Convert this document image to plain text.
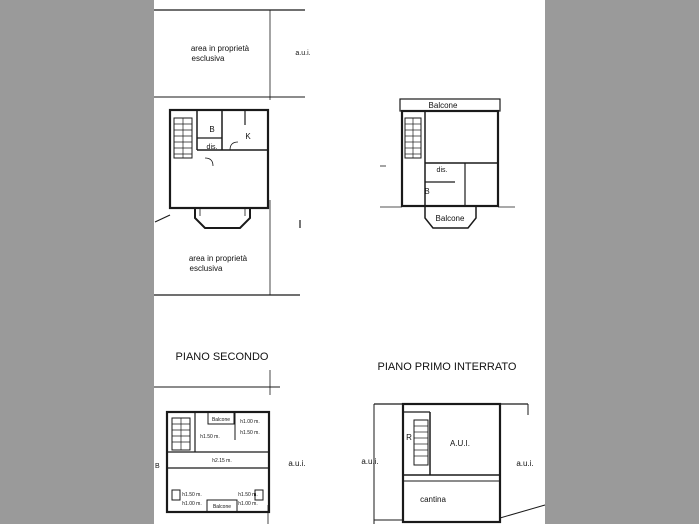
area in proprietà
esclusiva
a.u.i.
B
K
dis.
area in proprietà
esclusiva
Balcone
dis.
B
Balcone
PIANO SECONDO
a.u.i.
B
Balcone
Balcone
h1.50 m.
h1.00 m.
h1.50 m.
h2.15 m.
h1.50 m.
h1.00 m.
h1.50 m.
h1.00 m.
PIANO PRIMO INTERRATO
a.u.i.	a.u.i.
R
A.U.I.
cantina
